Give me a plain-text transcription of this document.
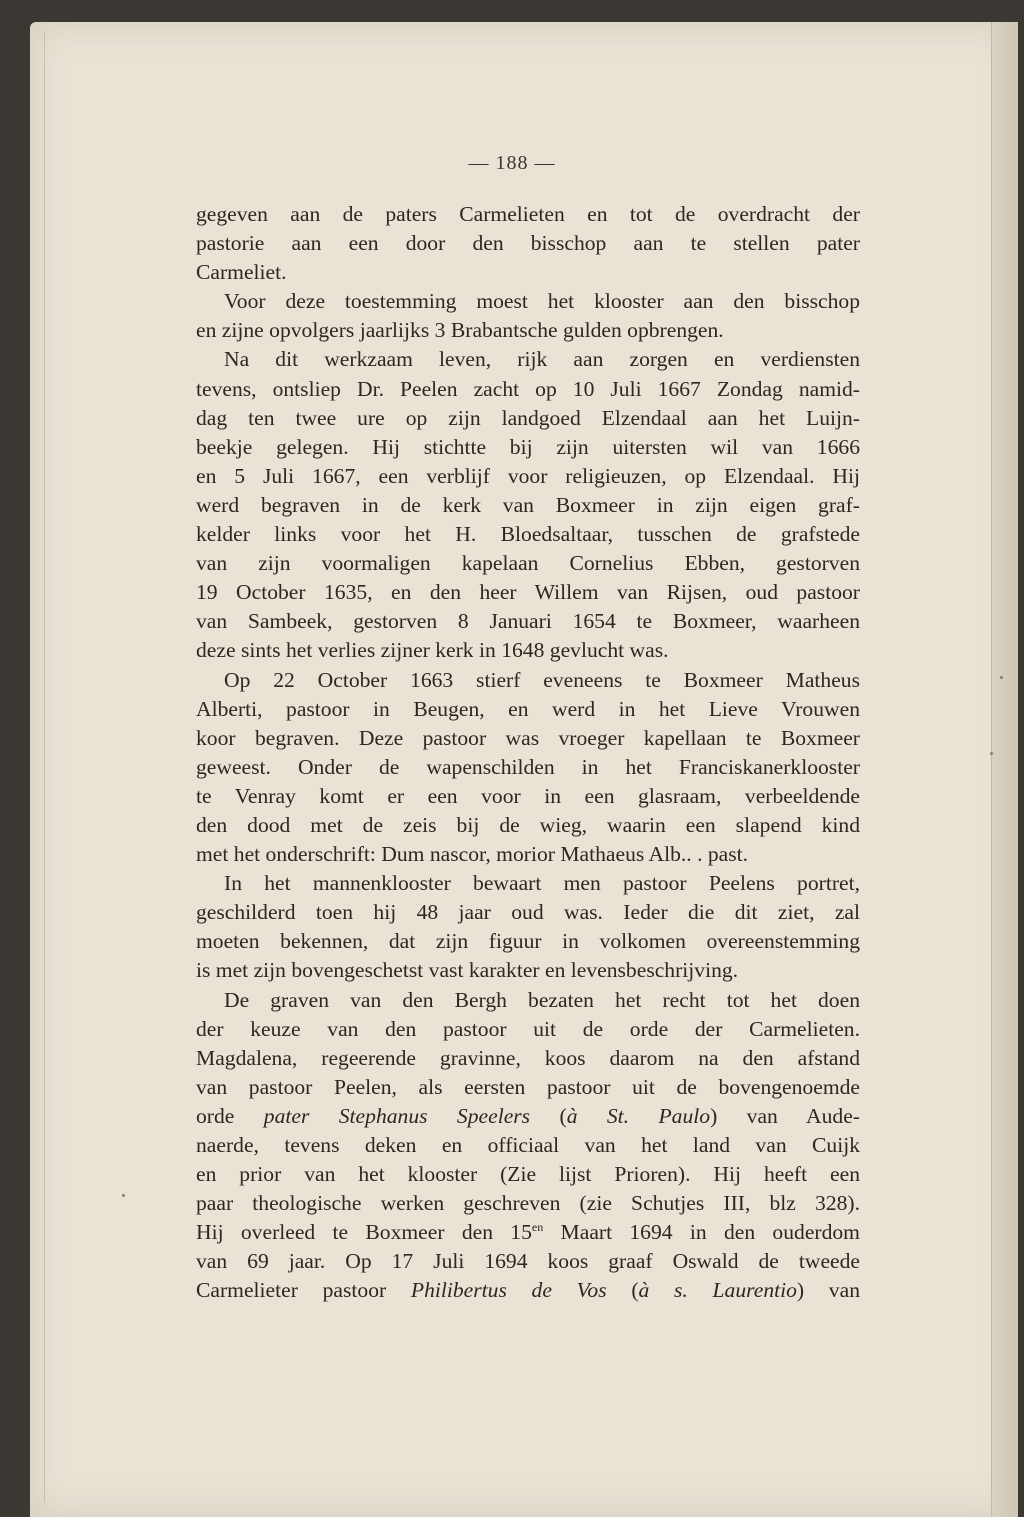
— 188 —
gegeven aan de paters Carmelieten en tot de overdracht der
pastorie aan een door den bisschop aan te stellen pater
Carmeliet.
Voor deze toestemming moest het klooster aan den bisschop
en zijne opvolgers jaarlijks 3 Brabantsche gulden opbrengen.
Na dit werkzaam leven, rijk aan zorgen en verdiensten
tevens, ontsliep Dr. Peelen zacht op 10 Juli 1667 Zondag namid-
dag ten twee ure op zijn landgoed Elzendaal aan het Luijn-
beekje gelegen. Hij stichtte bij zijn uitersten wil van 1666
en 5 Juli 1667, een verblijf voor religieuzen, op Elzendaal. Hij
werd begraven in de kerk van Boxmeer in zijn eigen graf-
kelder links voor het H. Bloedsaltaar, tusschen de grafstede
van zijn voormaligen kapelaan Cornelius Ebben, gestorven
19 October 1635, en den heer Willem van Rijsen, oud pastoor
van Sambeek, gestorven 8 Januari 1654 te Boxmeer, waarheen
deze sints het verlies zijner kerk in 1648 gevlucht was.
Op 22 October 1663 stierf eveneens te Boxmeer Matheus
Alberti, pastoor in Beugen, en werd in het Lieve Vrouwen
koor begraven. Deze pastoor was vroeger kapellaan te Boxmeer
geweest. Onder de wapenschilden in het Franciskanerklooster
te Venray komt er een voor in een glasraam, verbeeldende
den dood met de zeis bij de wieg, waarin een slapend kind
met het onderschrift: Dum nascor, morior Mathaeus Alb.. . past.
In het mannenklooster bewaart men pastoor Peelens portret,
geschilderd toen hij 48 jaar oud was. Ieder die dit ziet, zal
moeten bekennen, dat zijn figuur in volkomen overeenstemming
is met zijn bovengeschetst vast karakter en levensbeschrijving.
De graven van den Bergh bezaten het recht tot het doen
der keuze van den pastoor uit de orde der Carmelieten.
Magdalena, regeerende gravinne, koos daarom na den afstand
van pastoor Peelen, als eersten pastoor uit de bovengenoemde
orde pater Stephanus Speelers (à St. Paulo) van Aude-
naerde, tevens deken en officiaal van het land van Cuijk
en prior van het klooster (Zie lijst Prioren). Hij heeft een
paar theologische werken geschreven (zie Schutjes III, blz 328).
Hij overleed te Boxmeer den $15^{en}$ Maart 1694 in den ouderdom
van 69 jaar. Op 17 Juli 1694 koos graaf Oswald de tweede
Carmelieter pastoor Philibertus de Vos (à s. Laurentio) van
